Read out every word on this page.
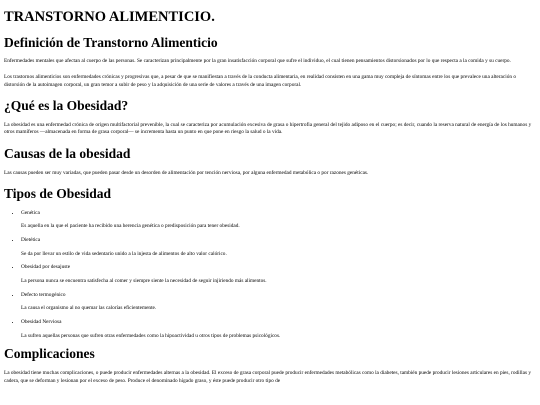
TRANSTORNO ALIMENTICIO.
Definición de Transtorno Alimenticio

Enfermedades mentales que afectan al cuerpo de las personas. Se caracterizan principalmente por la gran insatisfacción corporal que sufre el individuo, el cual tienen pensamientos distorsionados por lo que respecta a la comida y su cuerpo.

Los trastornos alimenticios son enfermedades crónicas y progresivas que, a pesar de que se manifiestan a través de la conducta alimentaria, en realidad consisten en una gama muy compleja de síntomas entre los que prevalece una alteración o distorsión de la autoimagen corporal, un gran temor a subir de peso y la adquisición de una serie de valores a través de una imagen corporal.

¿Qué es la Obesidad?

La obesidad es una enfermedad crónica de origen multifactorial prevenible, la cual se caracteriza por acumulación excesiva de grasa o hipertrofia general del tejido adiposo en el cuerpo; es decir, cuando la reserva natural de energía de los humanos y otros mamíferos —almacenada en forma de grasa corporal— se incrementa hasta un punto en que pone en riesgo la salud o la vida.

Causas de la obesidad

Las causas pueden ser muy variadas, que pueden pasar desde un desorden de alimentación por tención nerviosa, por alguna enfermedad metabólica o por razones genéticas.

Tipos de Obesidad
• Genética
Es aquella en la que el paciente ha recibido una herencia genética o predisposición para tener obesidad.
• Dietética
Se da por llevar un estilo de vida sedentario unido a la injesta de alimentos de alto valor calórico.
• Obesidad por desajuste
La persona nunca se encuentra satisfecha al comer y siempre siente la necesidad de seguir injiriendo más alimentos.
• Defecto termogénico
La causa el organismo al no quemar las calorías eficientemente.
• Obesidad Nerviosa
La sufren aquellas personas que sufren otras enfermedades como la hipoactividad u otros tipos de problemas psicológicos.
Complicaciones

La obesidad tiene muchas complicaciones, o puede producir enfermedades alternas a la obesidad. El exceso de grasa corporal puede producir enfermedades metabólicas como la diabetes, también puede producir lesiones articulares en pies, rodillas y cadera, que se deforman y lesionan por el exceso de peso. Produce el denominado hígado graso, y éste puede producir otro tipo de
